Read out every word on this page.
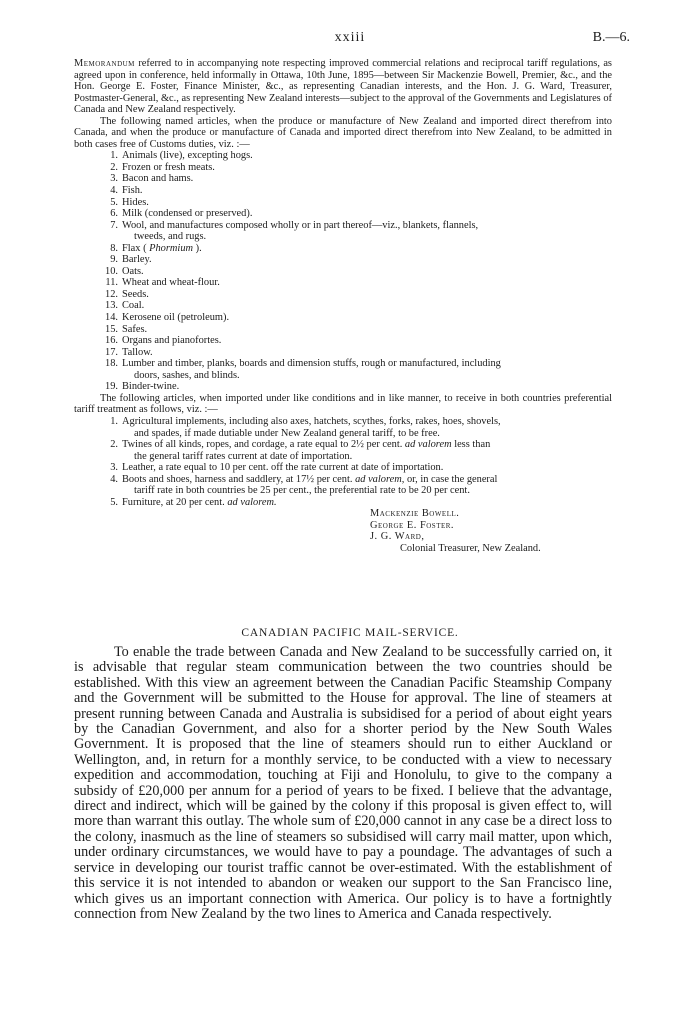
xxiii	B.—6.

Memorandum referred to in accompanying note respecting improved commercial relations and reciprocal tariff regulations, as agreed upon in conference, held informally in Ottawa, 10th June, 1895—between Sir Mackenzie Bowell, Premier, &c., and the Hon. George E. Foster, Finance Minister, &c., as representing Canadian interests, and the Hon. J. G. Ward, Treasurer, Postmaster-General, &c., as representing New Zealand interests—subject to the approval of the Governments and Legislatures of Canada and New Zealand respectively.

The following named articles, when the produce or manufacture of New Zealand and imported direct therefrom into Canada, and when the produce or manufacture of Canada and imported direct therefrom into New Zealand, to be admitted in both cases free of Customs duties, viz. :—

1. Animals (live), excepting hogs.
2. Frozen or fresh meats.
3. Bacon and hams.
4. Fish.
5. Hides.
6. Milk (condensed or preserved).
7. Wool, and manufactures composed wholly or in part thereof—viz., blankets, flannels,
tweeds, and rugs.
8. Flax ( Phormium ).
9. Barley.
10. Oats.
11. Wheat and wheat-flour.
12. Seeds.
13. Coal.
14. Kerosene oil (petroleum).
15. Safes.
16. Organs and pianofortes.
17. Tallow.
18. Lumber and timber, planks, boards and dimension stuffs, rough or manufactured, including
doors, sashes, and blinds.
19. Binder-twine.

The following articles, when imported under like conditions and in like manner, to receive in both countries preferential tariff treatment as follows, viz. :—

1. Agricultural implements, including also axes, hatchets, scythes, forks, rakes, hoes, shovels,
and spades, if made dutiable under New Zealand general tariff, to be free.
2. Twines of all kinds, ropes, and cordage, a rate equal to 2½ per cent. ad valorem less than
the general tariff rates current at date of importation.
3. Leather, a rate equal to 10 per cent. off the rate current at date of importation.
4. Boots and shoes, harness and saddlery, at 17½ per cent. ad valorem, or, in case the general
tariff rate in both countries be 25 per cent., the preferential rate to be 20 per cent.
5. Furniture, at 20 per cent. ad valorem.
Mackenzie Bowell.
George E. Foster.
J. G. Ward,
Colonial Treasurer, New Zealand.
CANADIAN PACIFIC MAIL-SERVICE.

To enable the trade between Canada and New Zealand to be successfully carried on, it is advisable that regular steam communication between the two countries should be established. With this view an agreement between the Canadian Pacific Steamship Company and the Government will be submitted to the House for approval. The line of steamers at present running between Canada and Australia is subsidised for a period of about eight years by the Canadian Government, and also for a shorter period by the New South Wales Government. It is proposed that the line of steamers should run to either Auckland or Wellington, and, in return for a monthly service, to be conducted with a view to necessary expedition and accommodation, touching at Fiji and Honolulu, to give to the company a subsidy of £20,000 per annum for a period of years to be fixed. I believe that the advantage, direct and indirect, which will be gained by the colony if this proposal is given effect to, will more than warrant this outlay. The whole sum of £20,000 cannot in any case be a direct loss to the colony, inasmuch as the line of steamers so subsidised will carry mail matter, upon which, under ordinary circumstances, we would have to pay a poundage. The advantages of such a service in developing our tourist traffic cannot be over-estimated. With the establishment of this service it is not intended to abandon or weaken our support to the San Francisco line, which gives us an important connection with America. Our policy is to have a fortnightly connection from New Zealand by the two lines to America and Canada respectively.
